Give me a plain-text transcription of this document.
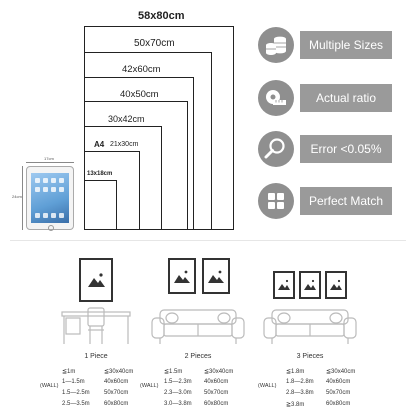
58x80cm
50x70cm
42x60cm
40x50cm
30x42cm
A4 21x30cm
13x18cm
17cm
24cm
Multiple Sizes
Actual ratio
Error <0.05%
Perfect Match
1 Piece	2 Pieces	3 Pieces
(WALL)
≦1m	≦30x40cm
1—1.5m	40x60cm
1.5—2.5m 50x70cm
2.5—3.5m 60x80cm
(WALL)
≦1.5m	≦30x40cm
1.5—2.3m 40x60cm
2.3—3.0m 50x70cm
3.0—3.8m 60x80cm
(WALL)
≦1.8m	≦30x40cm
1.8—2.8m 40x60cm
2.8—3.8m 50x70cm
≧3.8m	60x80cm
